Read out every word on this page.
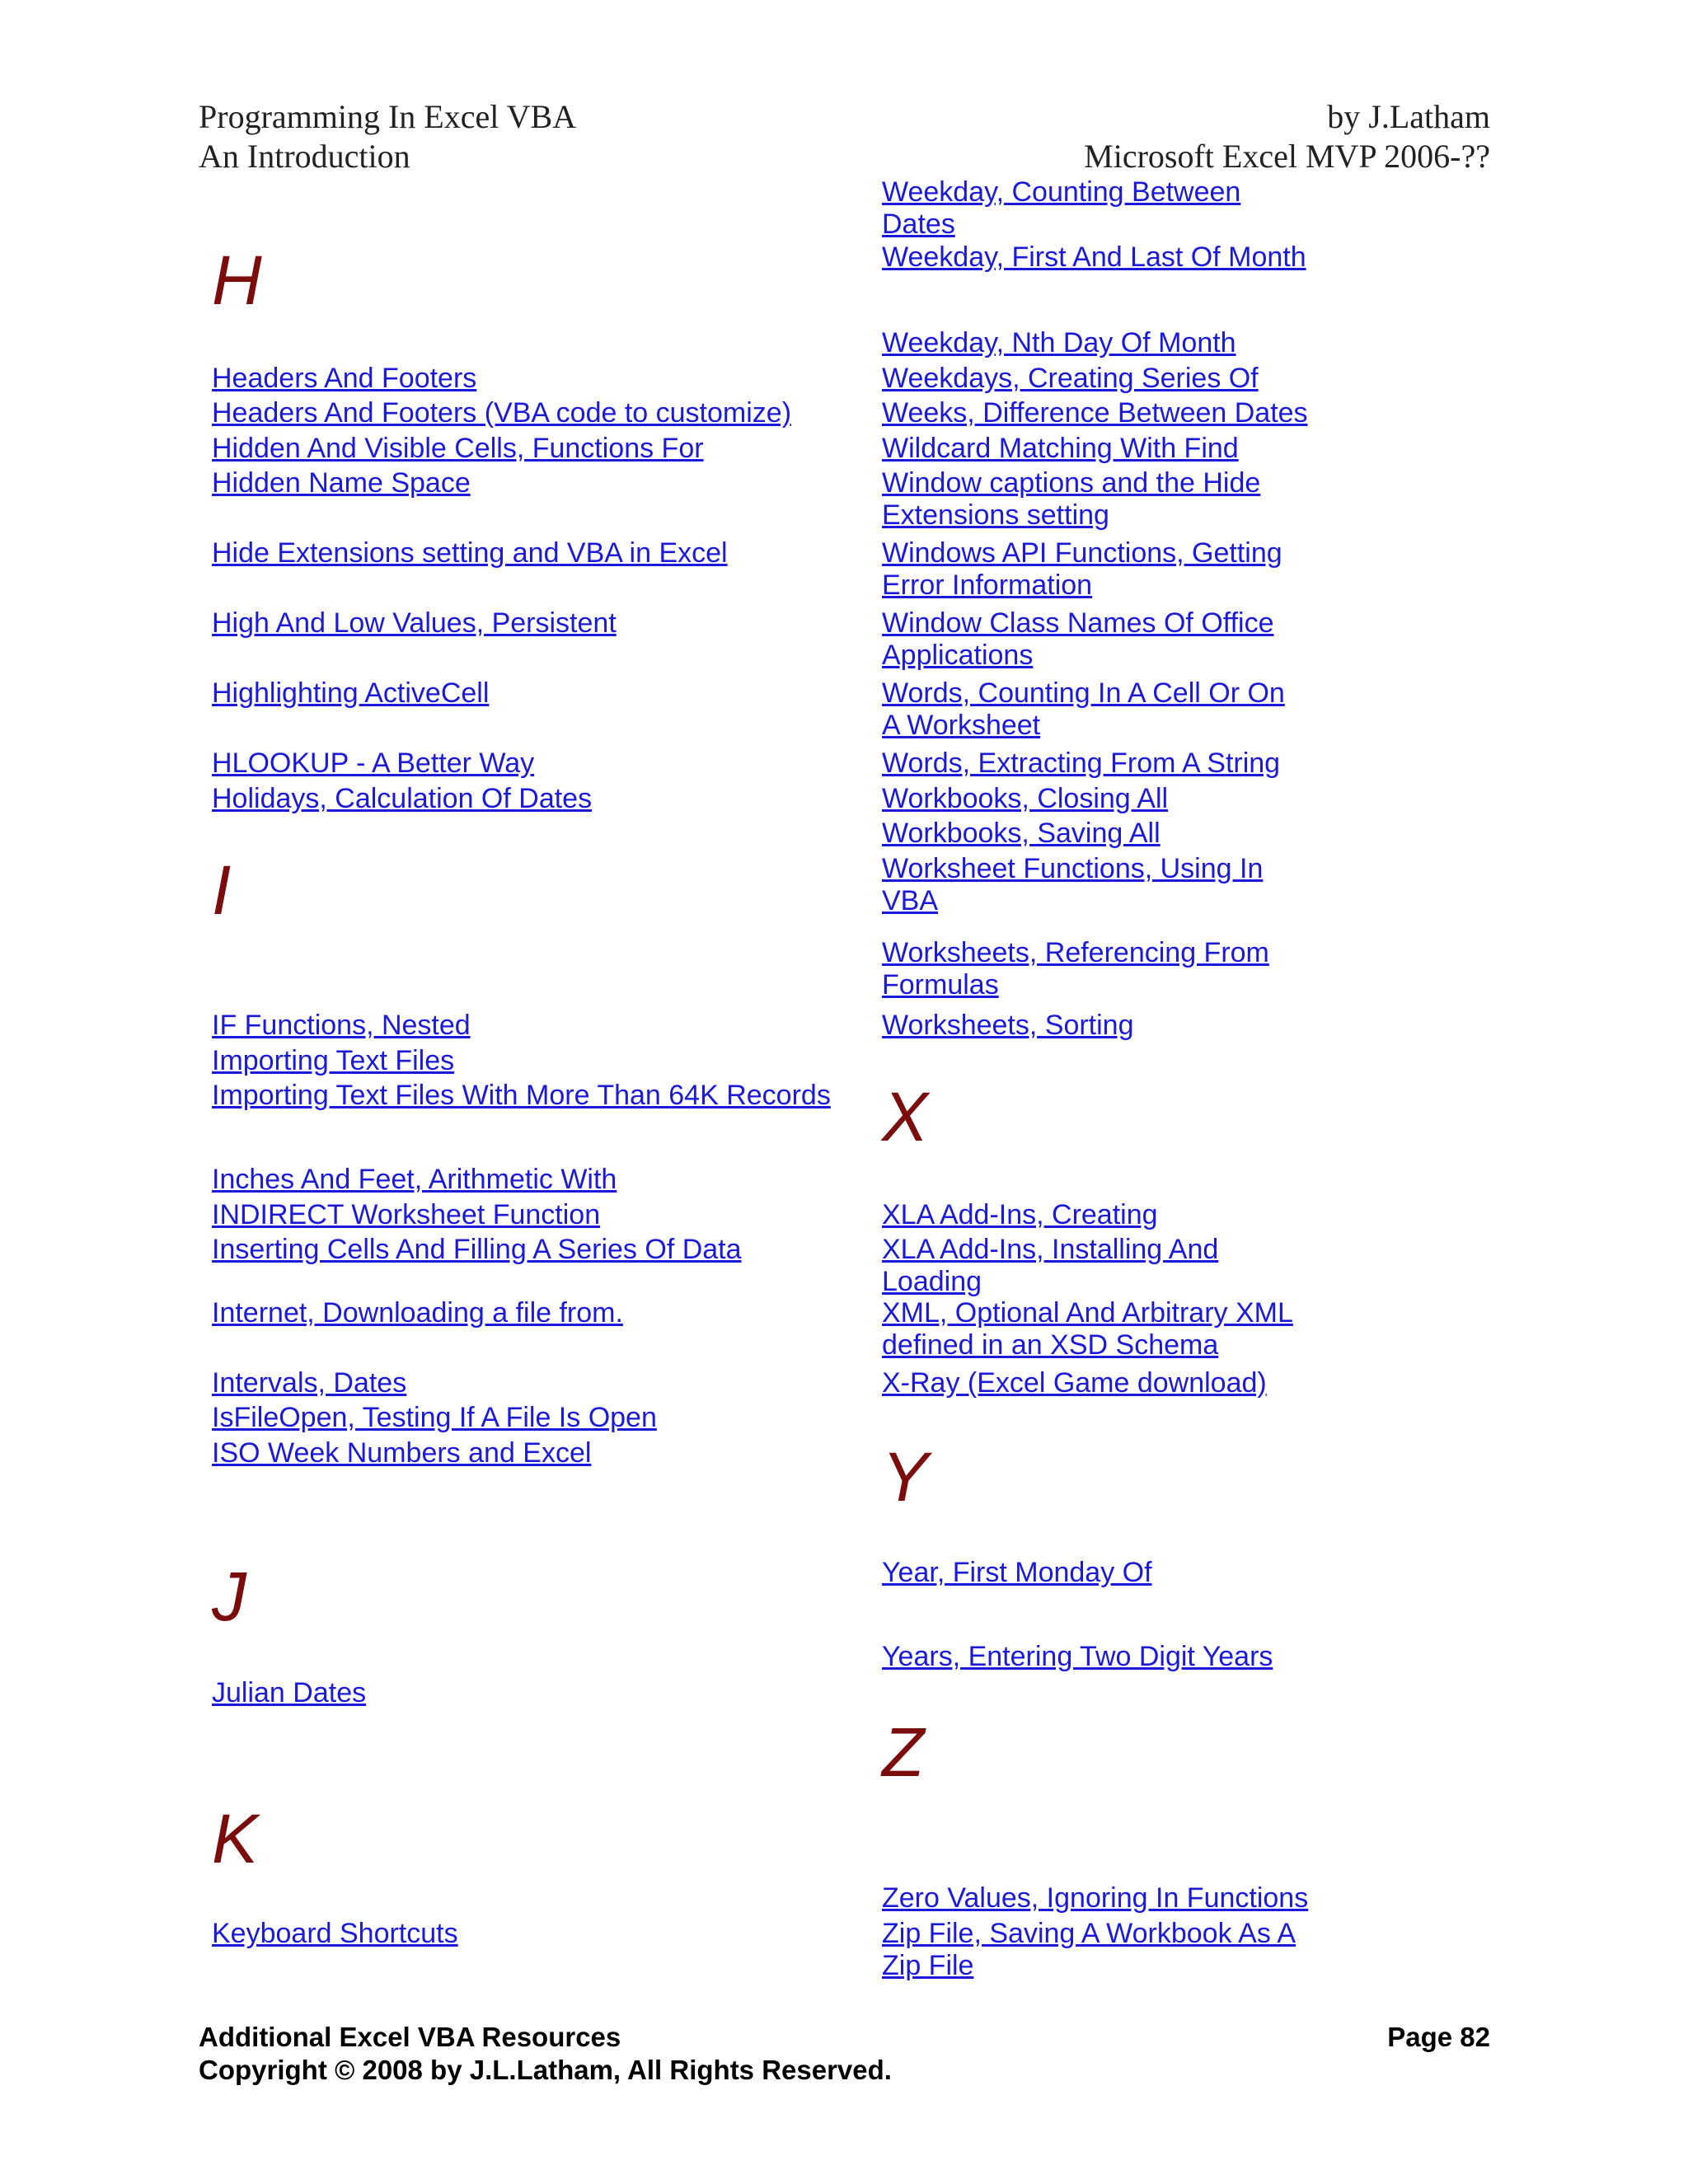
Programming In Excel VBA
An Introduction
by J.Latham
Microsoft Excel MVP 2006-??
H
I
J
K
X
Y
Z
Headers And Footers
Headers And Footers (VBA code to customize)
Hidden And Visible Cells, Functions For
Hidden Name Space
Hide Extensions setting and VBA in Excel
High And Low Values, Persistent
Highlighting ActiveCell
HLOOKUP - A Better Way
Holidays, Calculation Of Dates
IF Functions, Nested
Importing Text Files
Importing Text Files With More Than 64K Records
Inches And Feet, Arithmetic With
INDIRECT Worksheet Function
Inserting Cells And Filling A Series Of Data
Internet, Downloading a file from.
Intervals, Dates
IsFileOpen, Testing If A File Is Open
ISO Week Numbers and Excel
Julian Dates
Keyboard Shortcuts
Weekday, Counting Between
Dates
Weekday, First And Last Of Month
Weekday, Nth Day Of Month
Weekdays, Creating Series Of
Weeks, Difference Between Dates
Wildcard Matching With Find
Window captions and the Hide
Extensions setting
Windows API Functions, Getting
Error Information
Window Class Names Of Office
Applications
Words, Counting In A Cell Or On
A Worksheet
Words, Extracting From A String
Workbooks, Closing All
Workbooks, Saving All
Worksheet Functions, Using In
VBA
Worksheets, Referencing From
Formulas
Worksheets, Sorting
XLA Add-Ins, Creating
XLA Add-Ins, Installing And
Loading
XML, Optional And Arbitrary XML
defined in an XSD Schema
X-Ray (Excel Game download)
Year, First Monday Of
Years, Entering Two Digit Years
Zero Values, Ignoring In Functions
Zip File, Saving A Workbook As A
Zip File
Additional Excel VBA Resources
Copyright © 2008 by J.L.Latham, All Rights Reserved.
Page 82
